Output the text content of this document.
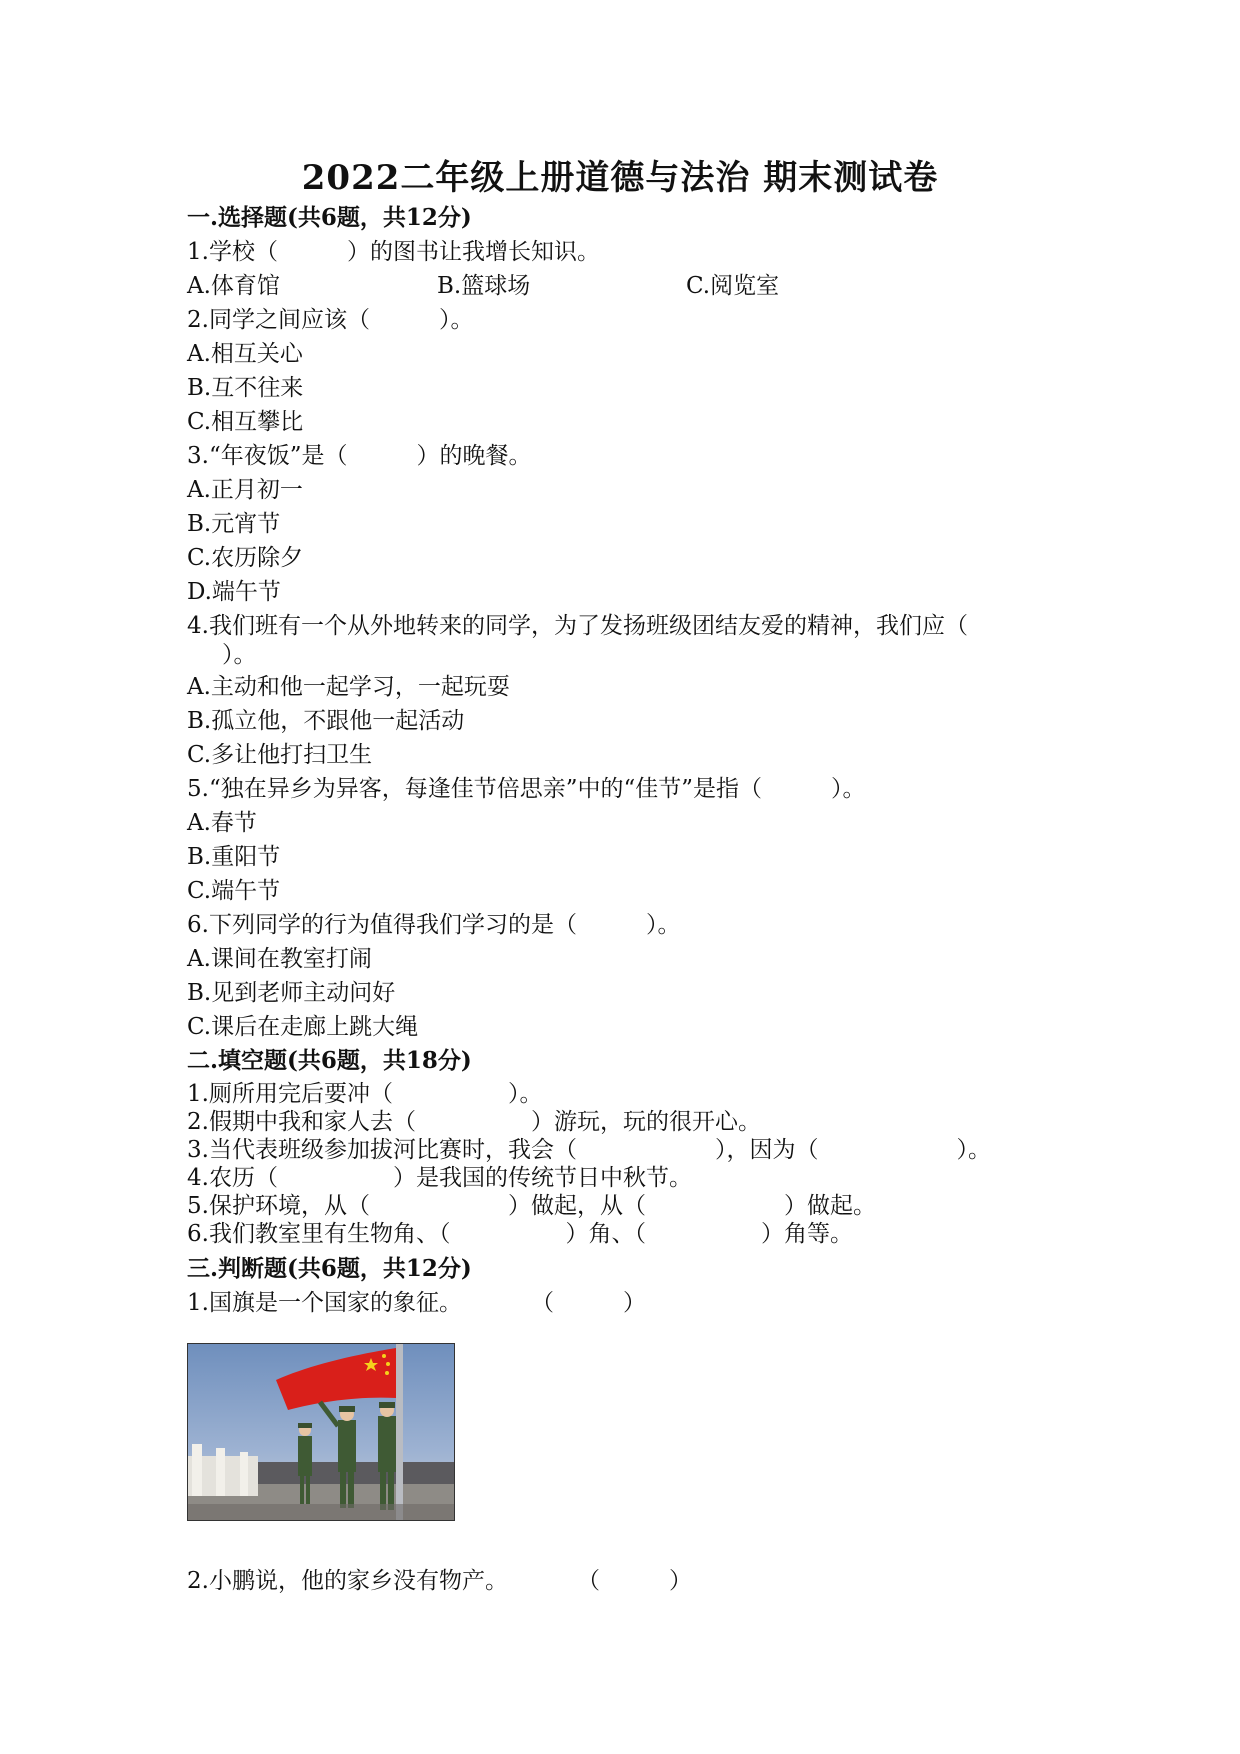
2022二年级上册道德与法治 期末测试卷

一.选择题(共6题，共12分)

1.学校（　　　）的图书让我增长知识。

A.体育馆	B.篮球场	C.阅览室

2.同学之间应该（　　　）。

A.相互关心

B.互不往来

C.相互攀比

3.“年夜饭”是（　　　）的晚餐。

A.正月初一

B.元宵节

C.农历除夕

D.端午节

4.我们班有一个从外地转来的同学，为了发扬班级团结友爱的精神，我们应（

）。

A.主动和他一起学习，一起玩耍

B.孤立他，不跟他一起活动

C.多让他打扫卫生

5.“独在异乡为异客，每逢佳节倍思亲”中的“佳节”是指（　　　）。

A.春节

B.重阳节

C.端午节

6.下列同学的行为值得我们学习的是（　　　）。

A.课间在教室打闹

B.见到老师主动问好

C.课后在走廊上跳大绳

二.填空题(共6题，共18分)

1.厕所用完后要冲（　　　　　）。

2.假期中我和家人去（　　　　　）游玩，玩的很开心。

3.当代表班级参加拔河比赛时，我会（　　　　　　），因为（　　　　　　）。

4.农历（　　　　　）是我国的传统节日中秋节。

5.保护环境，从（　　　　　　）做起，从（　　　　　　）做起。

6.我们教室里有生物角、（　　　　　）角、（　　　　　）角等。

三.判断题(共6题，共12分)

1.国旗是一个国家的象征。　　　　（　　　）

2.小鹏说，他的家乡没有物产。　　　　（　　　）
